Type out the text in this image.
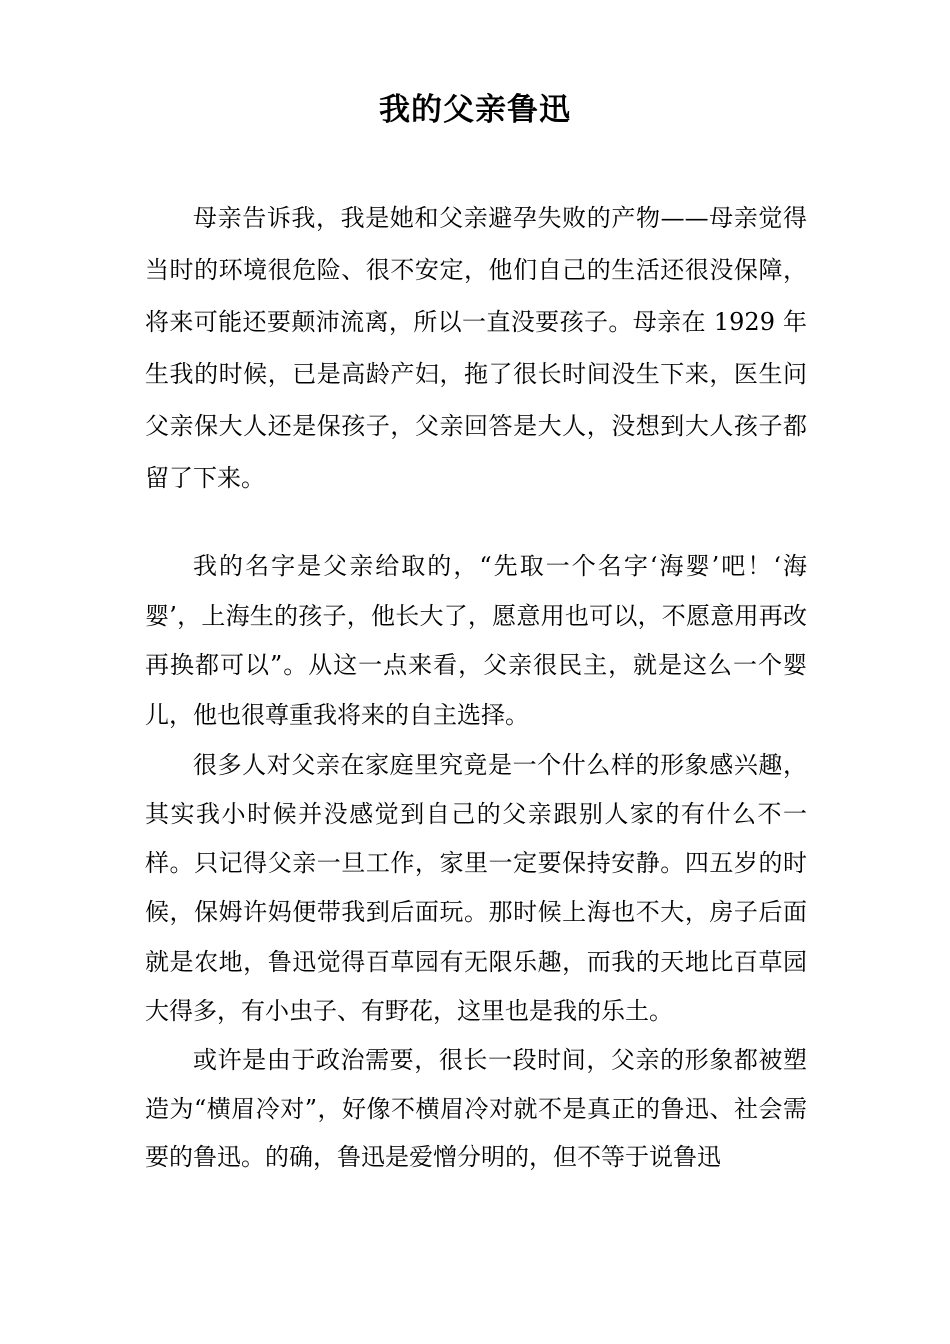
我的父亲鲁迅

母亲告诉我，我是她和父亲避孕失败的产物——母亲觉得当时的环境很危险、很不安定，他们自己的生活还很没保障，将来可能还要颠沛流离，所以一直没要孩子。母亲在 1929 年生我的时候，已是高龄产妇，拖了很长时间没生下来，医生问父亲保大人还是保孩子，父亲回答是大人，没想到大人孩子都留了下来。

我的名字是父亲给取的，“先取一个名字‘海婴’吧！‘海婴’，上海生的孩子，他长大了，愿意用也可以，不愿意用再改再换都可以”。从这一点来看，父亲很民主，就是这么一个婴儿，他也很尊重我将来的自主选择。

很多人对父亲在家庭里究竟是一个什么样的形象感兴趣，其实我小时候并没感觉到自己的父亲跟别人家的有什么不一样。只记得父亲一旦工作，家里一定要保持安静。四五岁的时候，保姆许妈便带我到后面玩。那时候上海也不大，房子后面就是农地，鲁迅觉得百草园有无限乐趣，而我的天地比百草园大得多，有小虫子、有野花，这里也是我的乐土。

或许是由于政治需要，很长一段时间，父亲的形象都被塑造为“横眉冷对”，好像不横眉冷对就不是真正的鲁迅、社会需要的鲁迅。的确，鲁迅是爱憎分明的，但不等于说鲁迅
